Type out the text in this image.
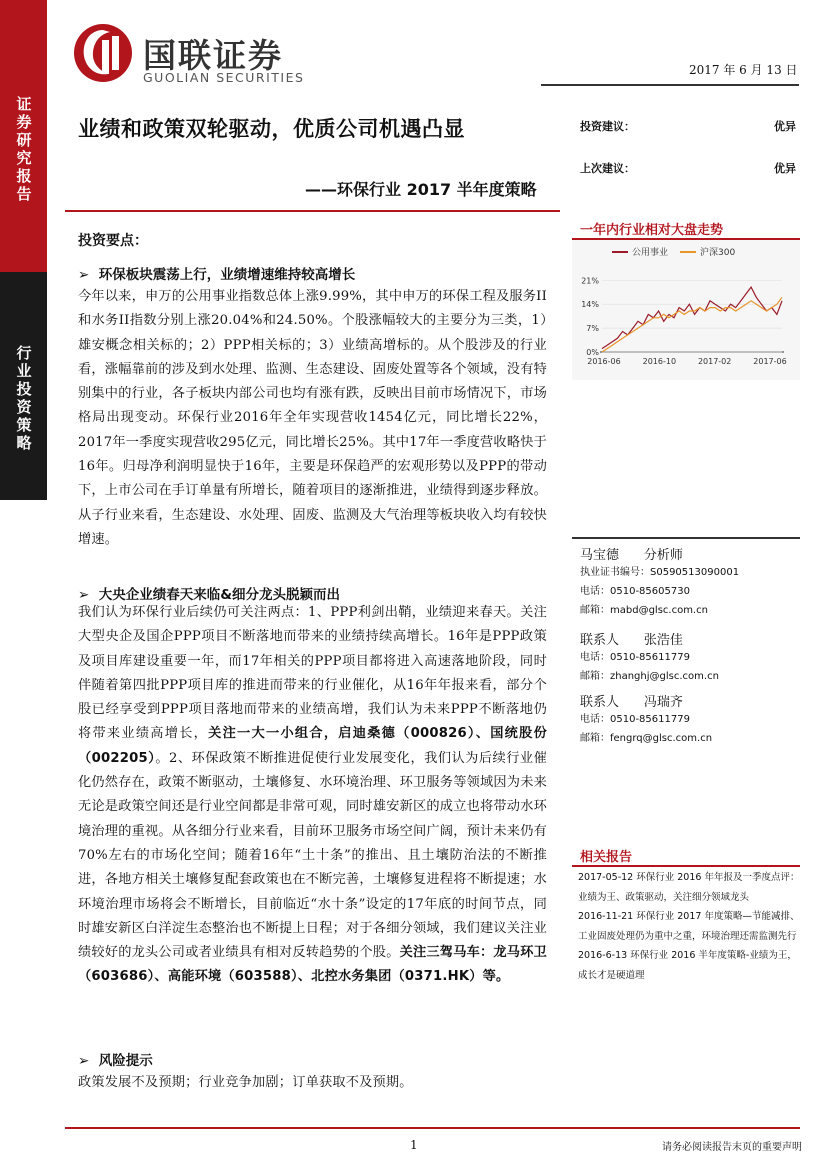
证券研究报告
行业投资策略
国联证券
GUOLIAN SECURITIES	2017 年 6 月 13 日
业绩和政策双轮驱动，优质公司机遇凸显
——环保行业 2017 半年度策略
投资建议：	优异
上次建议：	优异
一年内行业相对大盘走势
公用事业	沪深300
0%
7%
14%
21%
2016-06	2016-10	2017-02	2017-06
投资要点：
➢  环保板块震荡上行，业绩增速维持较高增长
今年以来，申万的公用事业指数总体上涨9.99%，其中申万的环保工程及服务II和水务II指数分别上涨20.04%和24.50%。个股涨幅较大的主要分为三类，1）雄安概念相关标的；2）PPP相关标的；3）业绩高增标的。从个股涉及的行业看，涨幅靠前的涉及到水处理、监测、生态建设、固废处置等各个领域，没有特别集中的行业，各子板块内部公司也均有涨有跌，反映出目前市场情况下，市场格局出现变动。环保行业2016年全年实现营收1454亿元，同比增长22%，2017年一季度实现营收295亿元，同比增长25%。其中17年一季度营收略快于16年。归母净利润明显快于16年，主要是环保趋严的宏观形势以及PPP的带动下，上市公司在手订单量有所增长，随着项目的逐渐推进，业绩得到逐步释放。从子行业来看，生态建设、水处理、固废、监测及大气治理等板块收入均有较快增速。
➢  大央企业绩春天来临&细分龙头脱颖而出
我们认为环保行业后续仍可关注两点：1、PPP利剑出鞘，业绩迎来春天。关注大型央企及国企PPP项目不断落地而带来的业绩持续高增长。16年是PPP政策及项目库建设重要一年，而17年相关的PPP项目都将进入高速落地阶段，同时伴随着第四批PPP项目库的推进而带来的行业催化，从16年年报来看，部分个股已经享受到PPP项目落地而带来的业绩高增，我们认为未来PPP不断落地仍将带来业绩高增长，关注一大一小组合，启迪桑德（000826）、国统股份（002205）。2、环保政策不断推进促使行业发展变化，我们认为后续行业催化仍然存在，政策不断驱动，土壤修复、水环境治理、环卫服务等领域因为未来无论是政策空间还是行业空间都是非常可观，同时雄安新区的成立也将带动水环境治理的重视。从各细分行业来看，目前环卫服务市场空间广阔，预计未来仍有70%左右的市场化空间；随着16年“土十条”的推出、且土壤防治法的不断推进，各地方相关土壤修复配套政策也在不断完善，土壤修复进程将不断提速；水环境治理市场将会不断增长，目前临近“水十条”设定的17年底的时间节点，同时雄安新区白洋淀生态整治也不断提上日程；对于各细分领域，我们建议关注业绩较好的龙头公司或者业绩具有相对反转趋势的个股。关注三驾马车：龙马环卫（603686）、高能环境（603588）、北控水务集团（0371.HK）等。
➢  风险提示
政策发展不及预期；行业竞争加剧；订单获取不及预期。
马宝德 分析师
执业证书编号：S0590513090001
电话：0510-85605730
邮箱：mabd@glsc.com.cn
联系人 张浩佳
电话：0510-85611779
邮箱：zhanghj@glsc.com.cn
联系人 冯瑞齐
电话：0510-85611779
邮箱：fengrq@glsc.com.cn
相关报告
2017-05-12 环保行业 2016 年年报及一季度点评：业绩为王、政策驱动，关注细分领域龙头
2016-11-21 环保行业 2017 年度策略—节能减排、工业固废处理仍为重中之重，环境治理还需监测先行
2016-6-13 环保行业 2016 半年度策略-业绩为王，成长才是硬道理
1	请务必阅读报告末页的重要声明
